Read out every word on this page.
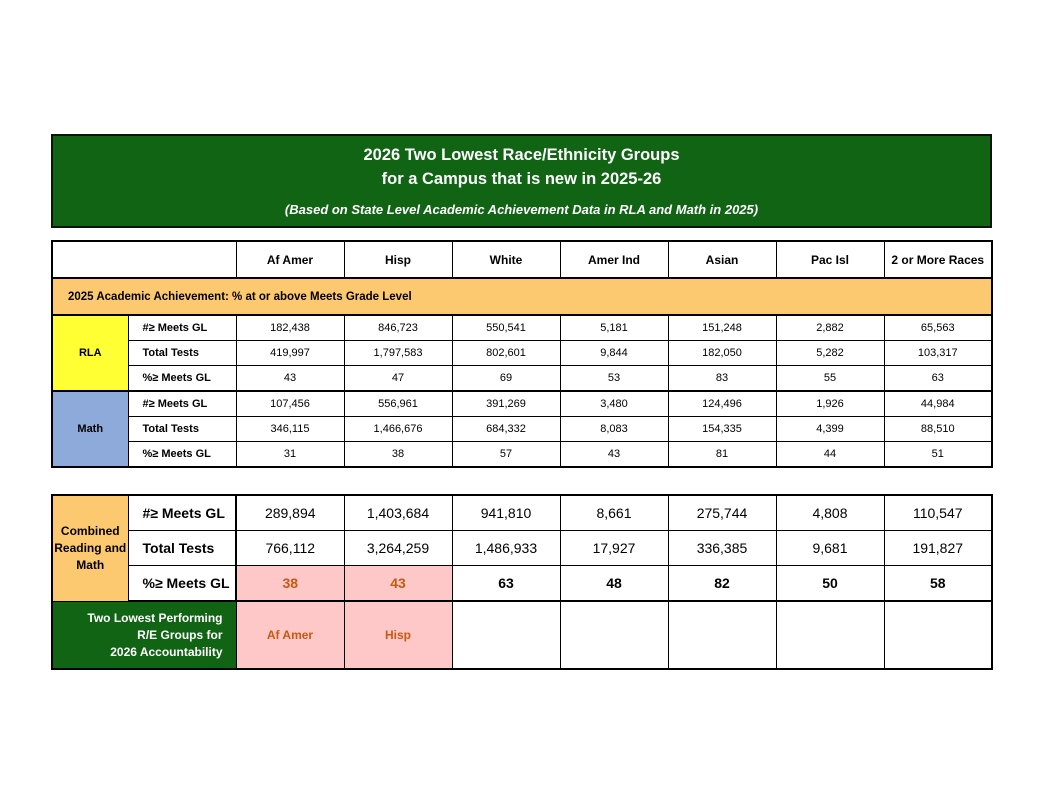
2026 Two Lowest Race/Ethnicity Groups
for a Campus that is new in 2025-26
(Based on State Level Academic Achievement Data in RLA and Math in 2025)
		Af Amer	Hisp	White	Amer Ind	Asian	Pac Isl	2 or More Races
2025 Academic Achievement: % at or above Meets Grade Level								
RLA	#≥ Meets GL	182,438	846,723	550,541	5,181	151,248	2,882	65,563
	Total Tests	419,997	1,797,583	802,601	9,844	182,050	5,282	103,317
	%≥ Meets GL	43	47	69	53	83	55	63
Math	#≥ Meets GL	107,456	556,961	391,269	3,480	124,496	1,926	44,984
	Total Tests	346,115	1,466,676	684,332	8,083	154,335	4,399	88,510
	%≥ Meets GL	31	38	57	43	81	44	51
Combined Reading and Math	#≥ Meets GL	289,894	1,403,684	941,810	8,661	275,744	4,808	110,547
	Total Tests	766,112	3,264,259	1,486,933	17,927	336,385	9,681	191,827
	%≥ Meets GL	38	43	63	48	82	50	58

Two Lowest Performing
R/E Groups for
2026 Accountability		Af Amer	Hisp					
